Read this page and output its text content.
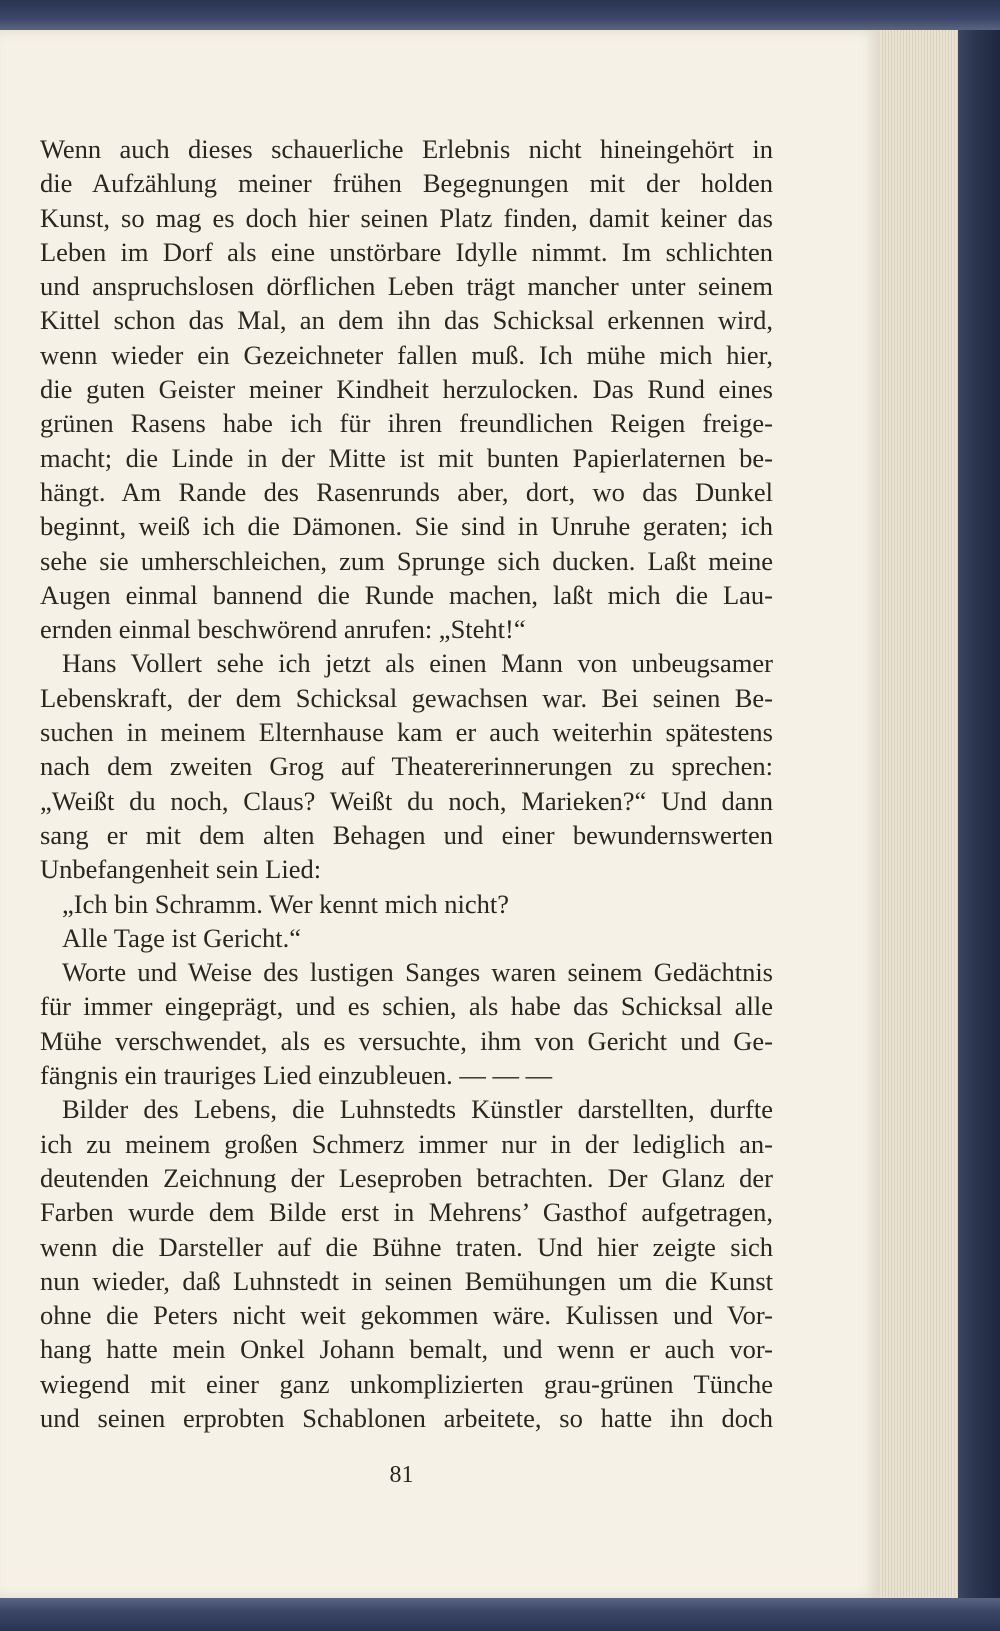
Wenn auch dieses schauerliche Erlebnis nicht hineingehört in
die Aufzählung meiner frühen Begegnungen mit der holden
Kunst, so mag es doch hier seinen Platz finden, damit keiner das
Leben im Dorf als eine unstörbare Idylle nimmt. Im schlichten
und anspruchslosen dörflichen Leben trägt mancher unter seinem
Kittel schon das Mal, an dem ihn das Schicksal erkennen wird,
wenn wieder ein Gezeichneter fallen muß. Ich mühe mich hier,
die guten Geister meiner Kindheit herzulocken. Das Rund eines
grünen Rasens habe ich für ihren freundlichen Reigen freige-
macht; die Linde in der Mitte ist mit bunten Papierlaternen be-
hängt. Am Rande des Rasenrunds aber, dort, wo das Dunkel
beginnt, weiß ich die Dämonen. Sie sind in Unruhe geraten; ich
sehe sie umherschleichen, zum Sprunge sich ducken. Laßt meine
Augen einmal bannend die Runde machen, laßt mich die Lau-
ernden einmal beschwörend anrufen: „Steht!“
Hans Vollert sehe ich jetzt als einen Mann von unbeugsamer
Lebenskraft, der dem Schicksal gewachsen war. Bei seinen Be-
suchen in meinem Elternhause kam er auch weiterhin spätestens
nach dem zweiten Grog auf Theatererinnerungen zu sprechen:
„Weißt du noch, Claus? Weißt du noch, Marieken?“ Und dann
sang er mit dem alten Behagen und einer bewundernswerten
Unbefangenheit sein Lied:
„Ich bin Schramm. Wer kennt mich nicht?
Alle Tage ist Gericht.“
Worte und Weise des lustigen Sanges waren seinem Gedächtnis
für immer eingeprägt, und es schien, als habe das Schicksal alle
Mühe verschwendet, als es versuchte, ihm von Gericht und Ge-
fängnis ein trauriges Lied einzubleuen. — — —
Bilder des Lebens, die Luhnstedts Künstler darstellten, durfte
ich zu meinem großen Schmerz immer nur in der lediglich an-
deutenden Zeichnung der Leseproben betrachten. Der Glanz der
Farben wurde dem Bilde erst in Mehrens’ Gasthof aufgetragen,
wenn die Darsteller auf die Bühne traten. Und hier zeigte sich
nun wieder, daß Luhnstedt in seinen Bemühungen um die Kunst
ohne die Peters nicht weit gekommen wäre. Kulissen und Vor-
hang hatte mein Onkel Johann bemalt, und wenn er auch vor-
wiegend mit einer ganz unkomplizierten grau-grünen Tünche
und seinen erprobten Schablonen arbeitete, so hatte ihn doch
81
